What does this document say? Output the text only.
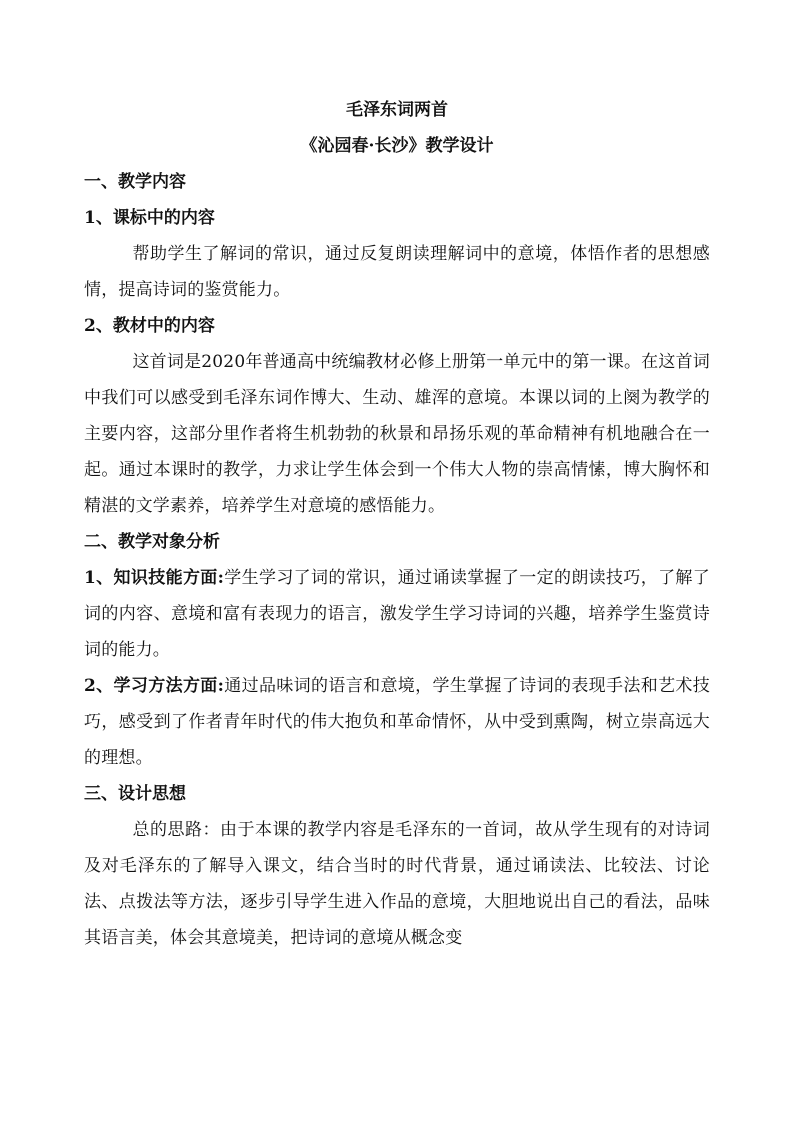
毛泽东词两首

《沁园春·长沙》教学设计

一、教学内容

1、课标中的内容

帮助学生了解词的常识，通过反复朗读理解词中的意境，体悟作者的思想感情，提高诗词的鉴赏能力。

2、教材中的内容

这首词是2020年普通高中统编教材必修上册第一单元中的第一课。在这首词中我们可以感受到毛泽东词作博大、生动、雄浑的意境。本课以词的上阕为教学的主要内容，这部分里作者将生机勃勃的秋景和昂扬乐观的革命精神有机地融合在一起。通过本课时的教学，力求让学生体会到一个伟大人物的崇高情愫，博大胸怀和精湛的文学素养，培养学生对意境的感悟能力。

二、教学对象分析

1、知识技能方面:学生学习了词的常识，通过诵读掌握了一定的朗读技巧，了解了词的内容、意境和富有表现力的语言，激发学生学习诗词的兴趣，培养学生鉴赏诗词的能力。

2、学习方法方面:通过品味词的语言和意境，学生掌握了诗词的表现手法和艺术技巧，感受到了作者青年时代的伟大抱负和革命情怀，从中受到熏陶，树立崇高远大的理想。

三、设计思想

总的思路：由于本课的教学内容是毛泽东的一首词，故从学生现有的对诗词及对毛泽东的了解导入课文，结合当时的时代背景，通过诵读法、比较法、讨论法、点拨法等方法，逐步引导学生进入作品的意境，大胆地说出自己的看法，品味其语言美，体会其意境美，把诗词的意境从概念变
